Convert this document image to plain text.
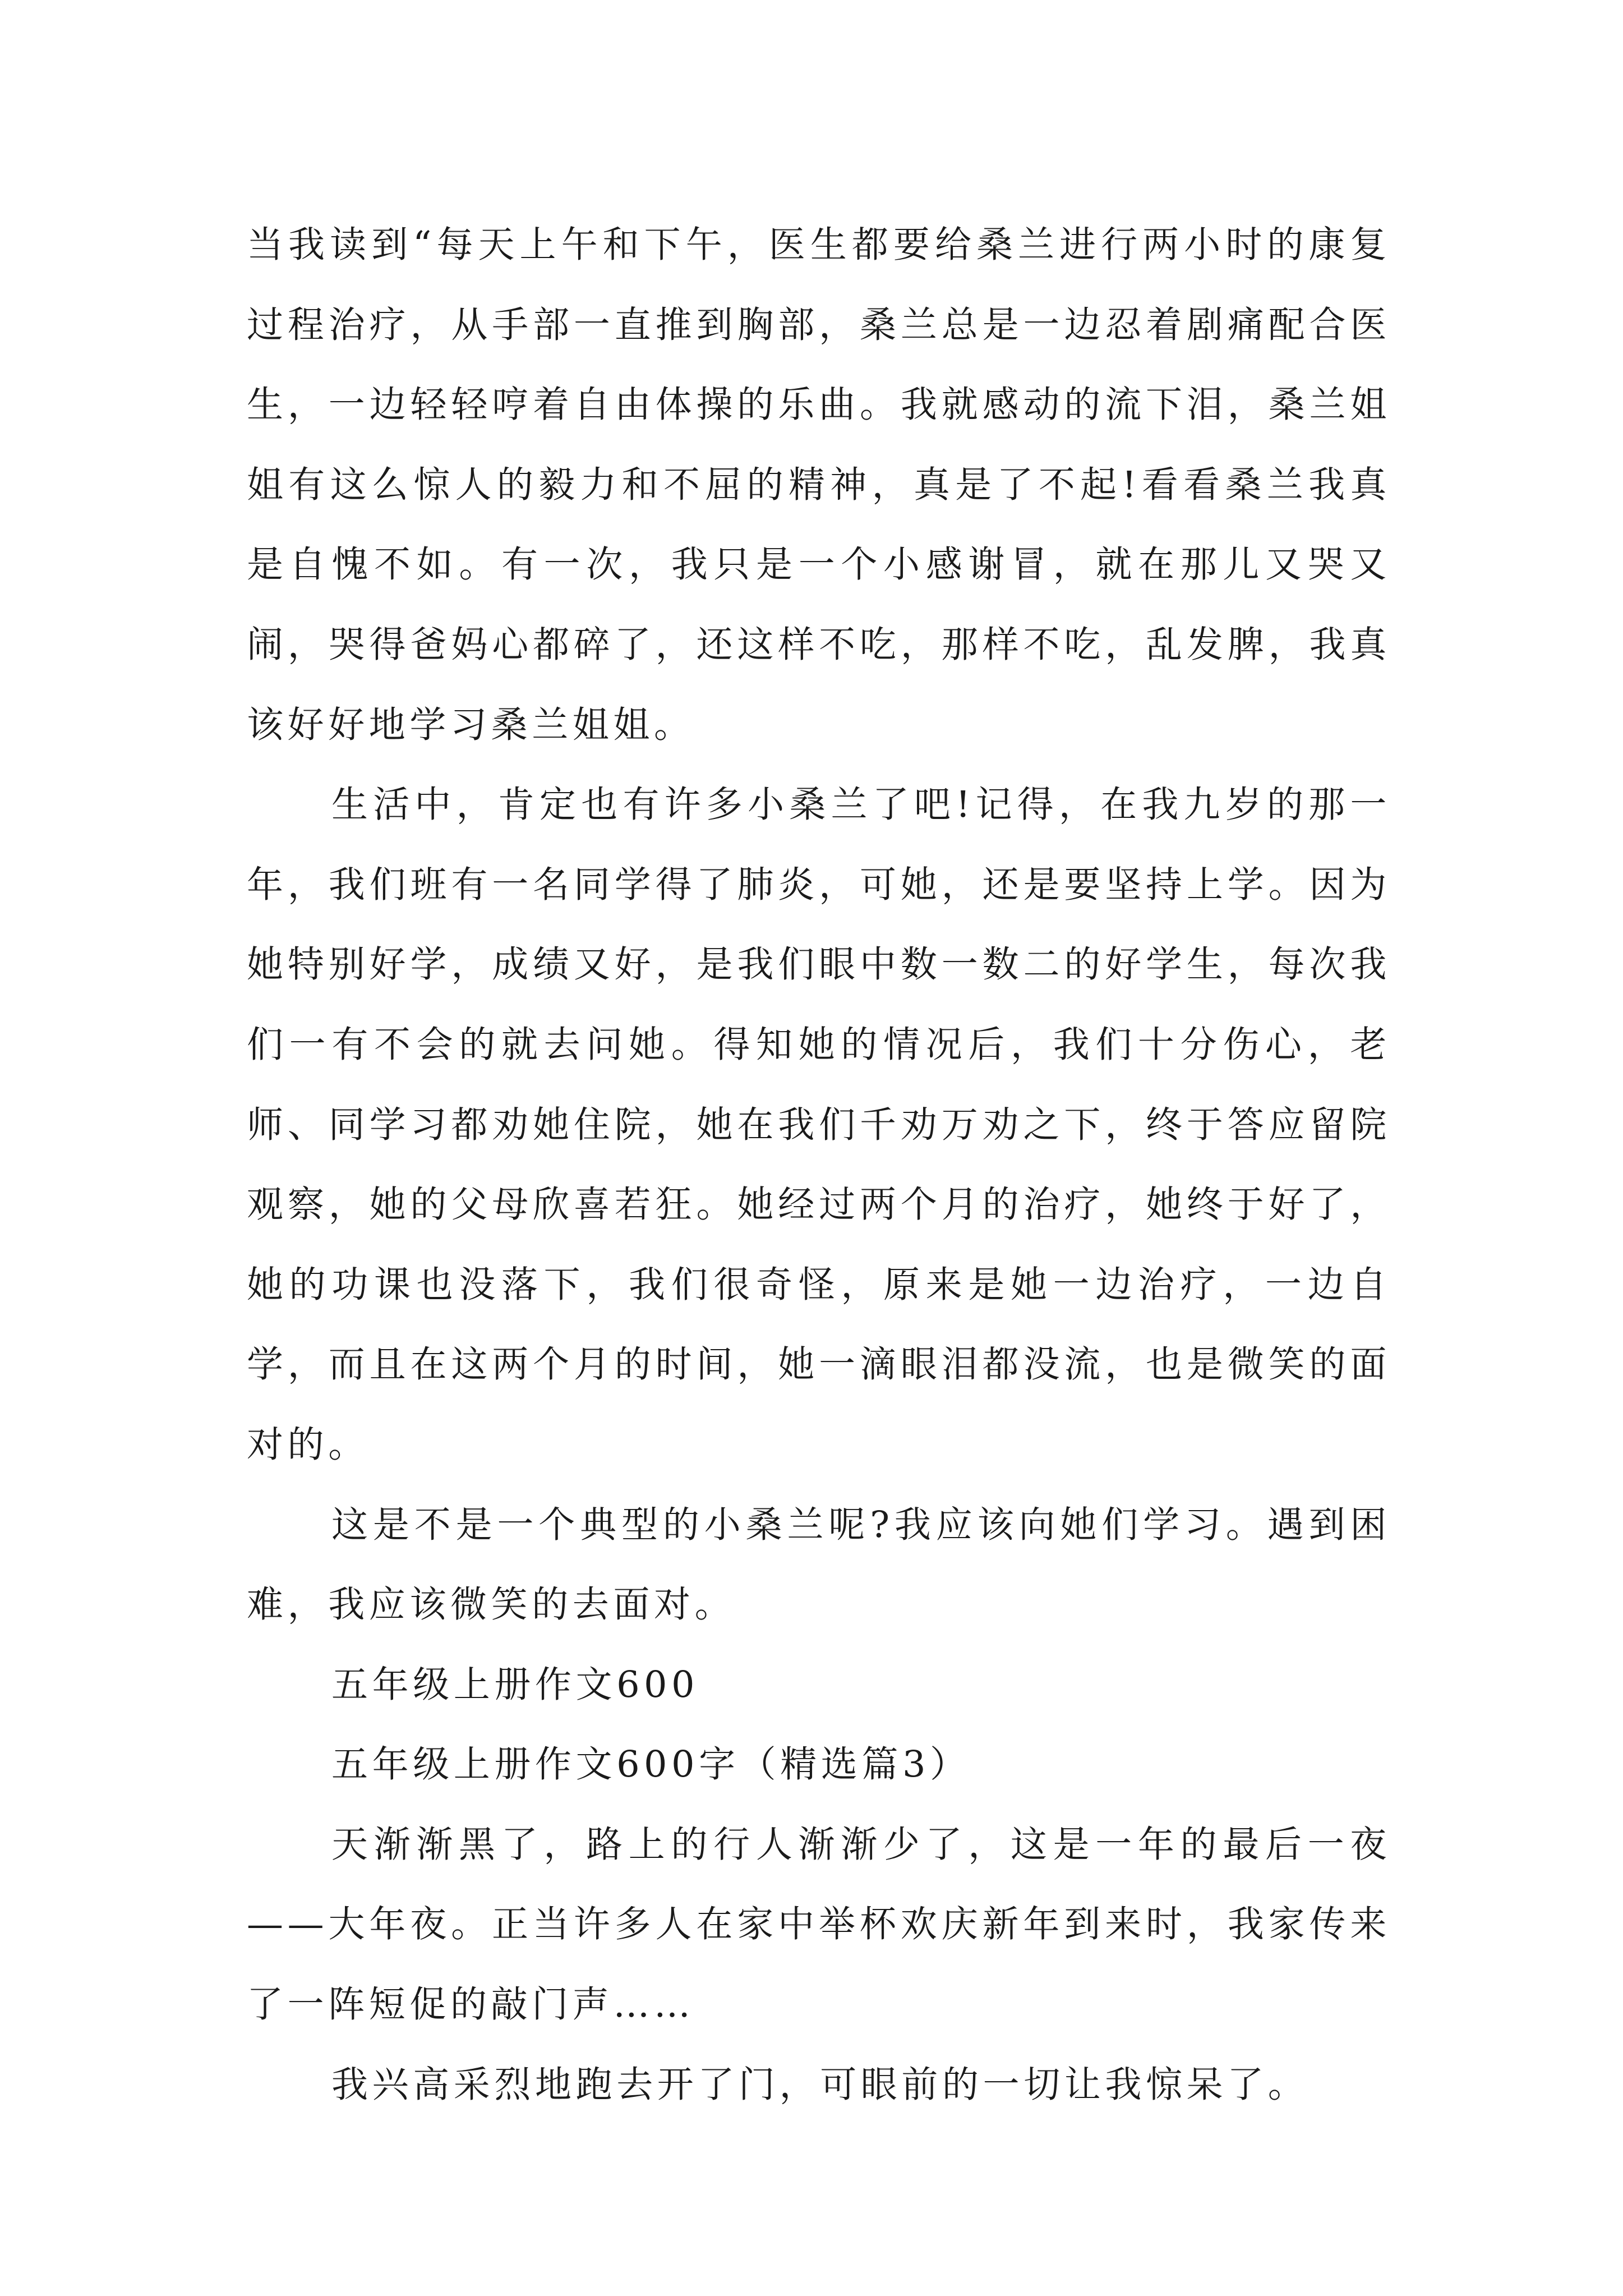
当我读到“每天上午和下午，医生都要给桑兰进行两小时的康复过程治疗，从手部一直推到胸部，桑兰总是一边忍着剧痛配合医生，一边轻轻哼着自由体操的乐曲。我就感动的流下泪，桑兰姐姐有这么惊人的毅力和不屈的精神，真是了不起!看看桑兰我真是自愧不如。有一次，我只是一个小感谢冒，就在那儿又哭又闹，哭得爸妈心都碎了，还这样不吃，那样不吃，乱发脾，我真该好好地学习桑兰姐姐。

生活中，肯定也有许多小桑兰了吧!记得，在我九岁的那一年，我们班有一名同学得了肺炎，可她，还是要坚持上学。因为她特别好学，成绩又好，是我们眼中数一数二的好学生，每次我们一有不会的就去问她。得知她的情况后，我们十分伤心，老师、同学习都劝她住院，她在我们千劝万劝之下，终于答应留院观察，她的父母欣喜若狂。她经过两个月的治疗，她终于好了，她的功课也没落下，我们很奇怪，原来是她一边治疗，一边自学，而且在这两个月的时间，她一滴眼泪都没流，也是微笑的面对的。

这是不是一个典型的小桑兰呢?我应该向她们学习。遇到困难，我应该微笑的去面对。

五年级上册作文600

五年级上册作文600字（精选篇3）

天渐渐黑了，路上的行人渐渐少了，这是一年的最后一夜——大年夜。正当许多人在家中举杯欢庆新年到来时，我家传来了一阵短促的敲门声……

我兴高采烈地跑去开了门，可眼前的一切让我惊呆了。
